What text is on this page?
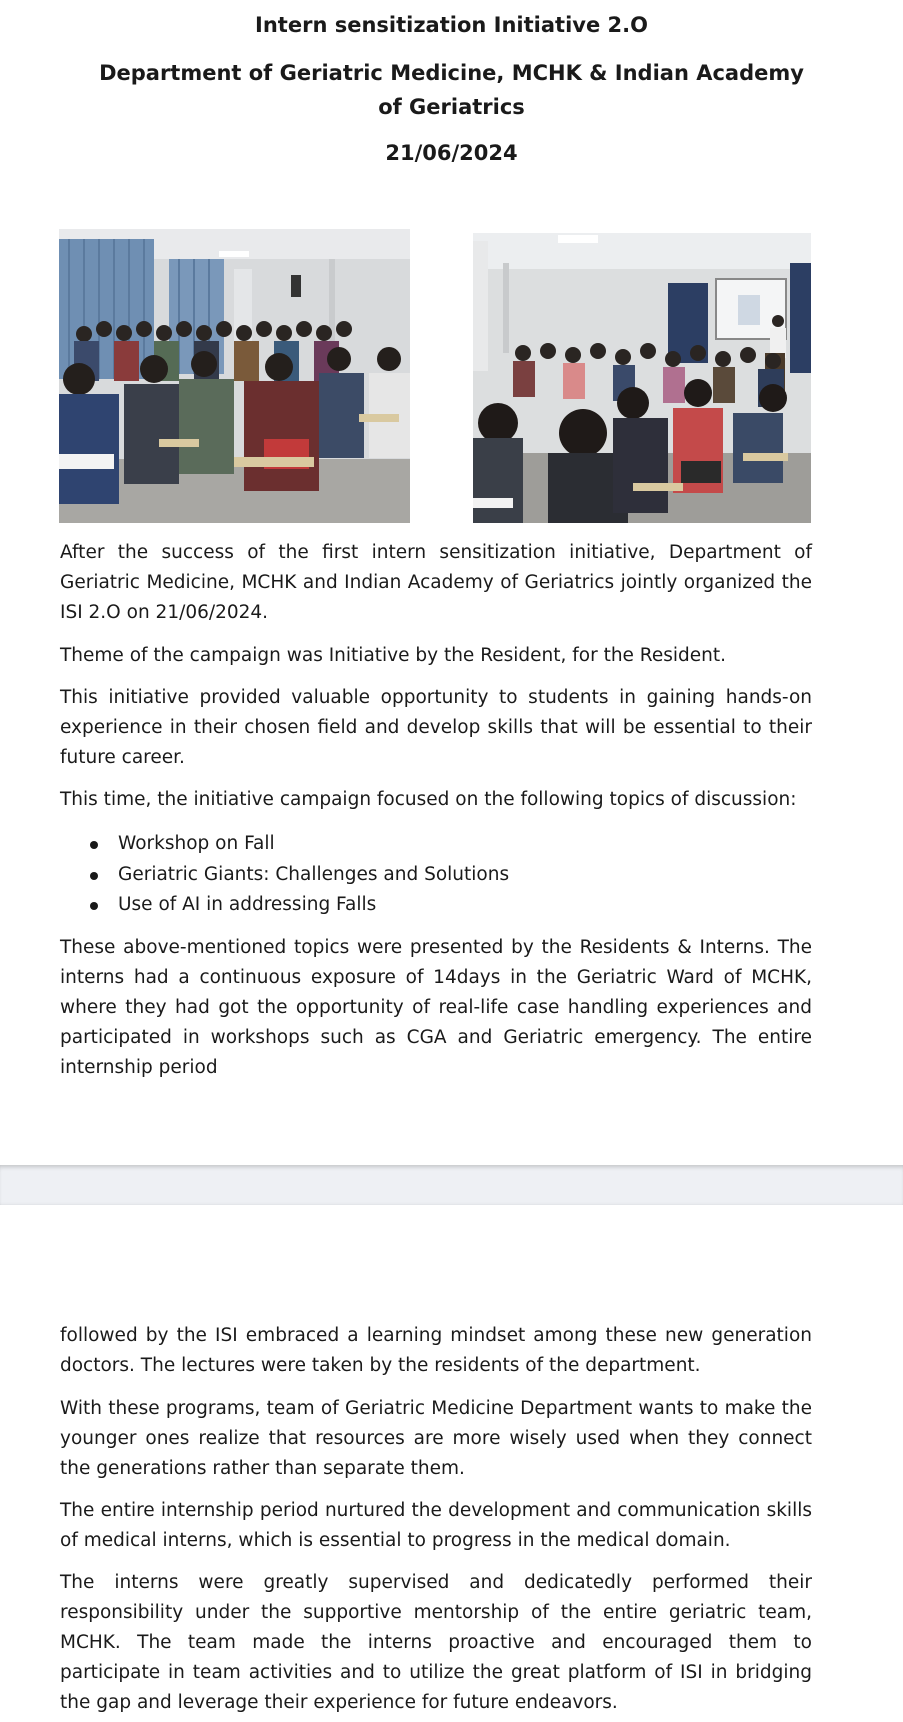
Intern sensitization Initiative 2.O
Department of Geriatric Medicine, MCHK & Indian Academy of Geriatrics
21/06/2024

After the success of the first intern sensitization initiative, Department of Geriatric Medicine, MCHK and Indian Academy of Geriatrics jointly organized the ISI 2.O on 21/06/2024.

Theme of the campaign was Initiative by the Resident, for the Resident.

This initiative provided valuable opportunity to students in gaining hands-on experience in their chosen field and develop skills that will be essential to their future career.

This time, the initiative campaign focused on the following topics of discussion:

Workshop on Fall
Geriatric Giants: Challenges and Solutions
Use of AI in addressing Falls

These above-mentioned topics were presented by the Residents & Interns. The interns had a continuous exposure of 14days in the Geriatric Ward of MCHK, where they had got the opportunity of real-life case handling experiences and participated in workshops such as CGA and Geriatric emergency. The entire internship period

followed by the ISI embraced a learning mindset among these new generation doctors. The lectures were taken by the residents of the department.

With these programs, team of Geriatric Medicine Department wants to make the younger ones realize that resources are more wisely used when they connect the generations rather than separate them.

The entire internship period nurtured the development and communication skills of medical interns, which is essential to progress in the medical domain.

The interns were greatly supervised and dedicatedly performed their responsibility under the supportive mentorship of the entire geriatric team, MCHK. The team made the interns proactive and encouraged them to participate in team activities and to utilize the great platform of ISI in bridging the gap and leverage their experience for future endeavors.
